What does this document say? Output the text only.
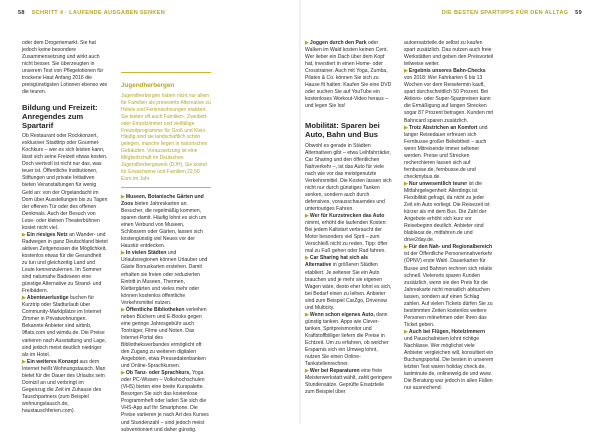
58 SCHRITT 4 · LAUFENDE AUSGABEN SENKEN

oder dem Drogeriemarkt. Sie hat jedoch keine besondere Zusammensetzung und wirkt auch nicht besser. Sie überzeugten in unserem Test von Pflegelotionen für trockene Haut Anfang 2016 die preisgünstigsten Lotionen ebenso wie die teuren.

Bildung und Freizeit: Anregendes zum Spartarif

Ob Restaurant oder Rockkonzert, exklusiver Stadttrip oder Gourmet-Kochkurs – wer es sich leisten kann, lässt sich seine Freizeit etwas kosten. Doch wertvoll ist nicht nur das, was teuer ist. Öffentliche Institutionen, Stiftungen und private Initiativen bieten Veranstaltungen für wenig Geld an: von der Orgelandacht im Dom über Ausstellungen bis zu Tagen der offenen Tür oder des offenen Denkmals. Auch der Besuch von Lese- oder kleinen Theaterbühnen kostet nicht viel.

▶Ein riesiges Netz an Wander- und Radwegen in ganz Deutschland bietet aktiven Zeitgenossen die Möglichkeit, kostenlos etwas für die Gesundheit zu tun und gleichzeitig Land und Leute kennenzulernen. Im Sommer sind naturnahe Badeseen eine günstige Alternative zu Strand- und Freibädern.

▶Abenteuerlustige buchen für Kurztrip oder Stadturlaub über Community-Marktplätze im Internet Zimmer in Privatwohnungen. Bekannte Anbieter sind airbnb, 9flats.com und wimdu.de. Die Preise variieren nach Ausstattung und Lage, sind jedoch meist deutlich niedriger als im Hotel.

▶Ein weiteres Konzept aus dem Internet heißt Wohnungstausch. Man bietet für die Dauer des Urlaubs sein Domizil an und verbringt im Gegenzug die Zeit im Zuhause des Tauschpartners (zum Beispiel wohnungstausch.de, haustauschferien.com).

Jugendherbergen

Jugendherbergen haben nicht nur allein für Familien als preiswerte Alternative zu Hotels und Ferienwohnungen etabliert. Sie bieten oft auch Familien-, Zweibett- oder Einzelzimmer und vielfältige Freizeitprogramme für Groß und Klein. Häufig sind sie landschaftlich schön gelegen, manche liegen in historischen Gebäuden. Voraussetzung ist eine Mitgliedschaft im Deutschen Jugendherbergswerk (DJH). Sie kostet für Erwachsene und Familien 22,50 Euro im Jahr.

▶Museen, Botanische Gärten und Zoos bieten Jahreskarten an. Besucher, die regelmäßig kommen, sparen damit. Häufig lohnt es sich um einen Verbund von Museen, Schlössern oder Gärten, lassen sich kostengünstig viel Neues vor der Haustür entdecken.

▶In vielen Städten und Urlaubsregionen können Urlauber und Gäste Bonuskarten erstehen. Damit erhalten sie freien oder reduzierten Eintritt in Museen, Thermen, Klettergärten und vieles mehr oder können kostenlos öffentliche Verkehrsmittel nutzen.

▶Öffentliche Bibliotheken verleihen neben Büchern und E-Books gegen eine geringe Jahresgebühr auch Tonträger, Filme und Noten. Das Internet-Portal des Bibliotheksverbundes ermöglicht oft den Zugang zu weiteren digitalen Angeboten, etwa Pressedatenbanken und Online-Sprachkursen.

▶Ob Tanz- oder Sprachkurs, Yoga oder PC-Wissen – Volkshochschulen (VHS) bieten eine breite Kurspalette. Besorgen Sie sich das kostenlose Programmheft oder laden Sie sich die VHS-App auf Ihr Smartphone. Die Preise variieren je nach Art des Kurses und Stundenzahl – sind jedoch meist subventioniert und daher günstig.

DIE BESTEN SPARTIPPS FÜR DEN ALLTAG 59

▶Joggen durch den Park oder Walken im Wald kosten keinen Cent. Wer lieber ein Dach über dem Kopf hat, investiert in einen Home- oder Crosstrainer. Auch mit Yoga, Zumba, Pilates & Co. können Sie sich zu Hause fit halten: Kaufen Sie eine DVD oder suchen Sie auf YouTube ein kostenloses Workout-Video heraus – und legen Sie los!

Mobilität: Sparen bei Auto, Bahn und Bus

Obwohl es gerade in Städten Alternativen gibt – etwa Leihfahrräder, Car Sharing und den öffentlichen Nahverkehr –, ist das Auto für viele nach wie vor das meistgenutzte Verkehrsmittel. Die Kosten lassen sich nicht nur durch günstiges Tanken senken, sondern auch durch defensives, vorausschauendes und untertouriges Fahren.

▶Wer für Kurzstrecken das Auto nimmt, erhöht die laufenden Kosten: Bei jedem Kaltstart verbraucht der Motor besonders viel Sprit – zum Verschleiß nicht zu reden. Tipp: öfter mal zu Fuß gehen oder Rad fahren.

▶Car Sharing hat sich als Alternative in größeren Städten etabliert. Je seltener Sie ein Auto brauchen und je mehr sie eigenen Wagen wäre, desto eher lohnt es sich, bei Bedarf einen zu leihen. Anbieter sind zum Beispiel CarZgo, Drivenow und Multicity.

▶Wenn schon eigenes Auto, dann günstig tanken. Apps wie Clever-tanken, Spritpreismonitor und Kraftstoffbilliger liefern die Preise in Echtzeit. Um zu erfahren, ob welcher Ersparnis sich ein Umweg lohnt, nutzen Sie einen Online-Tankstellenrechner.

▶Wer bei Reparaturen eine freie Meisterwerkstatt wählt, zahlt geringere Stundensätze. Geprüfte Ersatzteile zum Beispiel über

autoersatzteile.de selbst zu kaufen spart zusätzlich. Das nutzen auch freie Werkstätten und geben den Preisvorteil teilweise weiter.

▶Ergebnis unseres Bahn-Checks von 2018: Wer Fahrkarten 6 bis 13 Wochen vor dem Reisetermin kauft, spart durchschnittlich 50 Prozent. Bei Aktions- oder Super-Sparpreisen kann die Ermäßigung auf langen Strecken sogar 87 Prozent betragen. Kunden mit Bahncard sparen zusätzlich.

▶Trotz Abstrichen an Komfort und langer Reisedauer erfreuen sich Fernbusse großer Beliebtheit – auch wenn Mitreisende immer seltener werden. Preise und Strecken recherchieren lassen sich auf fernbusse.de, fernbusse.de und checkmybus.de.

▶Nur unwesentlich teurer ist die Mitfahrgelegenheit: Allerdings ist Flexibilität gefragt, da nicht zu jeder Zeit ein Auto vorliegt. Die Reisezeit ist kürzer als mit dem Bus. Die Zahl der Angebote erhöht sich kurz vor Reisebeginn deutlich. Anbieter sind blablacar.de, mitfahren.de und drive2day.de.

▶Für den Nah- und Regionalbereich ist der Öffentliche Personennahverkehr (ÖPNV) erste Wahl. Dauerkarten für Busse und Bahnen rechnen sich relativ schnell. Vielerorts sparen Kunden zusätzlich, wenn sie den Preis für die Jahreskarte nicht monatlich abbuchen lassen, sondern auf einen Schlag zahlen. Auf vielen Tickets dürfen Sie zu bestimmten Zeiten kostenlos weitere Personen mitnehmen oder Ihren das Ticket geben.

▶Auch bei Flügen, Hotelzimmern und Pauschalreisen lohnt richtige Nachlässe. Wer möglichst viele Anbieter vergleichen will, konsultiert ein Buchungsportal. Die besten in unserem letzten Test waren holiday check.de, lastminute.de, onlinewelg.de und www. Die Beratung war jedoch in allen Fällen nur ausreichend.
